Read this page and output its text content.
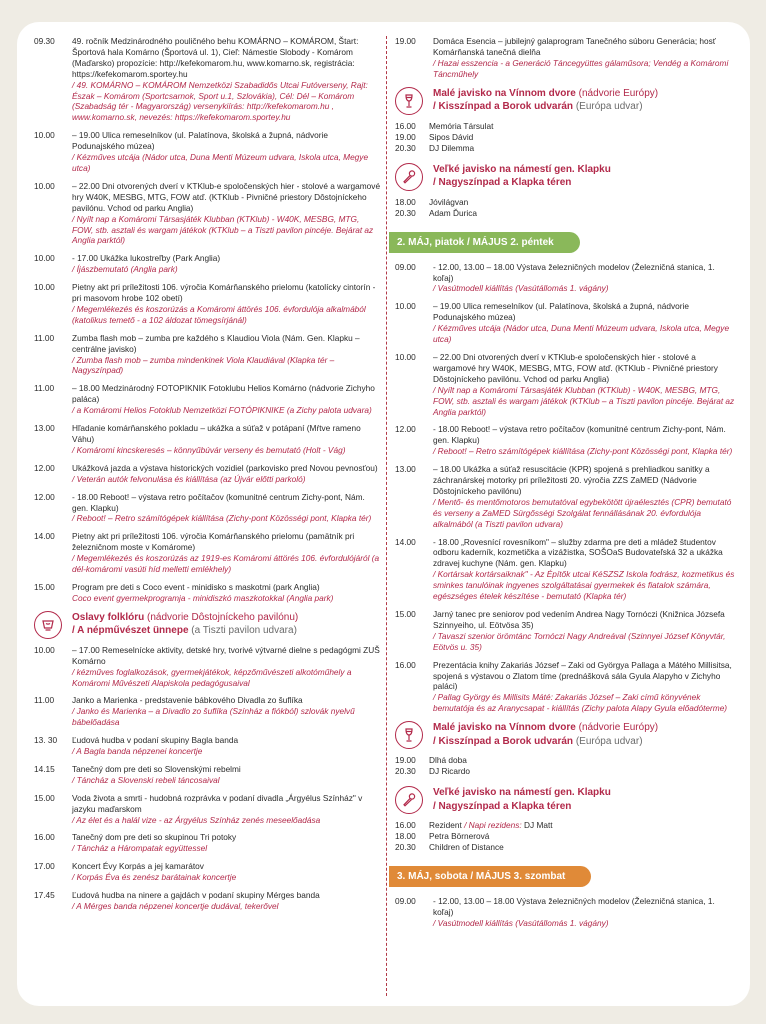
09.30	49. ročník Medzinárodného pouličného behu KOMÁRNO – KOMÁROM, Štart: Športová hala Komárno (Športová ul. 1), Cieľ: Námestie Slobody - Komárom (Maďarsko) propozície: http://kefekomarom.hu, www.komarno.sk, registrácia: https://kefekomarom.sportey.hu
/ 49. KOMÁRNO – KOMÁROM Nemzetközi Szabadidős Utcai Futóverseny, Rajt: Észak – Komárom (Sportcsarnok, Sport u.1, Szlovákia), Cél: Dél – Komárom (Szabadság tér - Magyarország) versenykiírás: http://kefekomarom.hu , www.komarno.sk, nevezés: https://kefekomarom.sportey.hu
10.00	– 19.00 Ulica remeselníkov (ul. Palatínova, školská a župná, nádvorie Podunajského múzea)
/ Kézműves utcája (Nádor utca, Duna Menti Múzeum udvara, Iskola utca, Megye utca)
10.00	– 22.00 Dni otvorených dverí v KTKlub-e spoločenských hier - stolové a wargamové hry W40K, MESBG, MTG, FOW atď. (KTKlub - Pivničné priestory Dôstojníckeho pavilónu. Vchod od parku Anglia)
/ Nyílt nap a Komáromi Társasjáték Klubban (KTKlub) - W40K, MESBG, MTG, FOW, stb. asztali és wargam játékok (KTKlub – a Tiszti pavilon pincéje. Bejárat az Anglia parktól)
10.00	- 17.00 Ukážka lukostreľby (Park Anglia)
/ Íjászbemutató (Anglia park)
10.00	Pietny akt pri príležitosti 106. výročia Komárňanského prielomu (katolícky cintorín - pri masovom hrobe 102 obetí)
/ Megemlékezés és koszorúzás a Komáromi áttörés 106. évfordulója alkalmából (katolikus temető - a 102 áldozat tömegsírjánál)
11.00	Zumba flash mob – zumba pre každého s Klaudiou Viola (Nám. Gen. Klapku – centrálne javisko)
/ Zumba flash mob – zumba mindenkinek Viola Klaudiával (Klapka tér – Nagyszínpad)
11.00	– 18.00 Medzinárodný FOTOPIKNIK Fotoklubu Helios Komárno (nádvorie Zichyho paláca)
/ a Komáromi Helios Fotoklub Nemzetközi FOTÓPIKNIKE (a Zichy palota udvara)
13.00	Hľadanie komárňanského pokladu – ukážka a súťaž v potápaní (Mŕtve rameno Váhu)
/ Komáromi kincskeresés – könnyűbúvár verseny és bemutató (Holt - Vág)
12.00	Ukážková jazda a výstava historických vozidiel (parkovisko pred Novou pevnosťou)
/ Veterán autók felvonulása és kiállítása (az Újvár előtti parkoló)
12.00	- 18.00 Reboot! – výstava retro počítačov (komunitné centrum Zichy-pont, Nám. gen. Klapku)
/ Reboot! – Retro számítógépek kiállítása (Zichy-pont Közösségi pont, Klapka tér)
14.00	Pietny akt pri príležitosti 106. výročia Komárňanského prielomu (pamätník pri železničnom moste v Komárome)
/ Megemlékezés és koszorúzás az 1919-es Komáromi áttörés 106. évfordulójáról (a dél-komáromi vasúti híd melletti emlékhely)
15.00	Program pre deti s Coco event - minidisko s maskotmi (park Anglia)
Coco event gyermekprogramja - minidiszkó maszkotokkal (Anglia park)
Oslavy folklóru (nádvorie Dôstojníckeho pavilónu)
/ A népművészet ünnepe (a Tiszti pavilon udvara)
10.00	– 17.00 Remeselnícke aktivity, detské hry, tvorivé výtvarné dielne s pedagógmi ZUŠ Komárno
/ kézműves foglalkozások, gyermekjátékok, képzőművészeti alkotóműhely a Komáromi Művészeti Alapiskola pedagógusaival
11.00	Janko a Marienka - predstavenie bábkového Divadla zo šuflíka
/ Janko és Marienka – a Divadlo zo šuflíka (Színház a fiókból) szlovák nyelvű bábelőadása
13. 30	Ľudová hudba v podaní skupiny Bagla banda
/ A Bagla banda népzenei koncertje
14.15	Tanečný dom pre deti so Slovenskými rebelmi
/ Táncház a Slovenski rebeli táncosaival
15.00	Voda života a smrti - hudobná rozprávka v podaní divadla „Árgyélus Színház" v jazyku maďarskom
/ Az élet és a halál vize - az Árgyélus Színház zenés meseelőadása
16.00	Tanečný dom pre deti so skupinou Tri potoky
/ Táncház a Hárompatak együttessel
17.00	Koncert Évy Korpás a jej kamarátov
/ Korpás Éva és zenész barátainak koncertje
17.45	Ľudová hudba na ninere a gajdách v podaní skupiny Mérges banda
/ A Mérges banda népzenei koncertje dudával, tekerővel
19.00	Domáca Esencia – jubilejný galaprogram Tanečného súboru Generácia; hosť Komárňanská tanečná dielňa
/ Hazai esszencia - a Generáció Táncegyüttes gálaműsora; Vendég a Komáromi Táncműhely
Malé javisko na Vínnom dvore (nádvorie Európy)
/ Kisszínpad a Borok udvarán (Európa udvar)
16.00	Memória Társulat
19.00	Sipos Dávid
20.30	DJ Dilemma
Veľké javisko na námestí gen. Klapku
/ Nagyszínpad a Klapka téren
18.00	Jóvilágvan
20.30	Adam Ďurica
2. MÁJ, piatok / MÁJUS 2. péntek
09.00	- 12.00, 13.00 – 18.00 Výstava železničných modelov (Železničná stanica, 1. koľaj)
/ Vasútmodell kiállítás (Vasútállomás 1. vágány)
10.00	– 19.00 Ulica remeselníkov (ul. Palatínova, školská a župná, nádvorie Podunajského múzea)
/ Kézműves utcája (Nádor utca, Duna Menti Múzeum udvara, Iskola utca, Megye utca)
10.00	– 22.00 Dni otvorených dverí v KTKlub-e spoločenských hier - stolové a wargamové hry W40K, MESBG, MTG, FOW atď. (KTKlub - Pivničné priestory Dôstojníckeho pavilónu. Vchod od parku Anglia)
/ Nyílt nap a Komáromi Társasjáték Klubban (KTKlub) - W40K, MESBG, MTG, FOW, stb. asztali és wargam játékok (KTKlub – a Tiszti pavilon pincéje. Bejárat az Anglia parktól)
12.00	- 18.00 Reboot! – výstava retro počítačov (komunitné centrum Zichy-pont, Nám. gen. Klapku)
/ Reboot! – Retro számítógépek kiállítása (Zichy-pont Közösségi pont, Klapka tér)
13.00	– 18.00 Ukážka a súťaž resuscitácie (KPR) spojená s prehliadkou sanitky a záchranárskej motorky pri príležitosti 20. výročia ZZS ZaMED (Nádvorie Dôstojníckeho pavilónu)
/ Mentő- és mentőmotoros bemutatóval egybekötött újraélesztés (CPR) bemutató és verseny a ZaMED Sürgősségi Szolgálat fennállásának 20. évfordulója alkalmából (a Tiszti pavilon udvara)
14.00	- 18.00 „Rovesnící rovesníkom" – služby zdarma pre deti a mládež študentov odboru kaderník, kozmetička a vizážistka, SOŠOaS Budovateľská 32 a ukážka zdravej kuchyne (Nám. gen. Klapku)
/ Kortársak kortársaiknak" - Az Építők utcai KéSZSZ Iskola fodrász, kozmetikus és sminkes tanulóinak ingyenes szolgáltatásai gyermekek és fiatalok számára, egészséges ételek készítése - bemutató (Klapka tér)
15.00	Jarný tanec pre seniorov pod vedením Andrea Nagy Tornóczi (Knižnica Józsefa Szinnyeiho, ul. Eötvösa 35)
/ Tavaszi szenior örömtánc Tornóczi Nagy Andreával (Szinnyei József Könyvtár, Eötvös u. 35)
16.00	Prezentácia knihy Zakariás József – Zaki od Györgya Pallaga a Mátého Millisitsa, spojená s výstavou o Zlatom tíme (prednášková sála Gyula Alapyho v Zichyho paláci)
/ Pallag György és Millisits Máté: Zakariás József – Zaki című könyvének bemutatója és az Aranycsapat - kiállítás (Zichy palota Alapy Gyula előadóterme)
Malé javisko na Vínnom dvore (nádvorie Európy)
/ Kisszínpad a Borok udvarán (Európa udvar)
19.00	Dlhá doba
20.30	DJ Ricardo
Veľké javisko na námestí gen. Klapku
/ Nagyszínpad a Klapka téren
16.00	Rezident / Napi rezidens: DJ Matt
18.00	Petra Börnerová
20.30	Children of Distance
3. MÁJ, sobota / MÁJUS 3. szombat
09.00	- 12.00, 13.00 – 18.00 Výstava železničných modelov (Železničná stanica, 1. koľaj)
/ Vasútmodell kiállítás (Vasútállomás 1. vágány)
